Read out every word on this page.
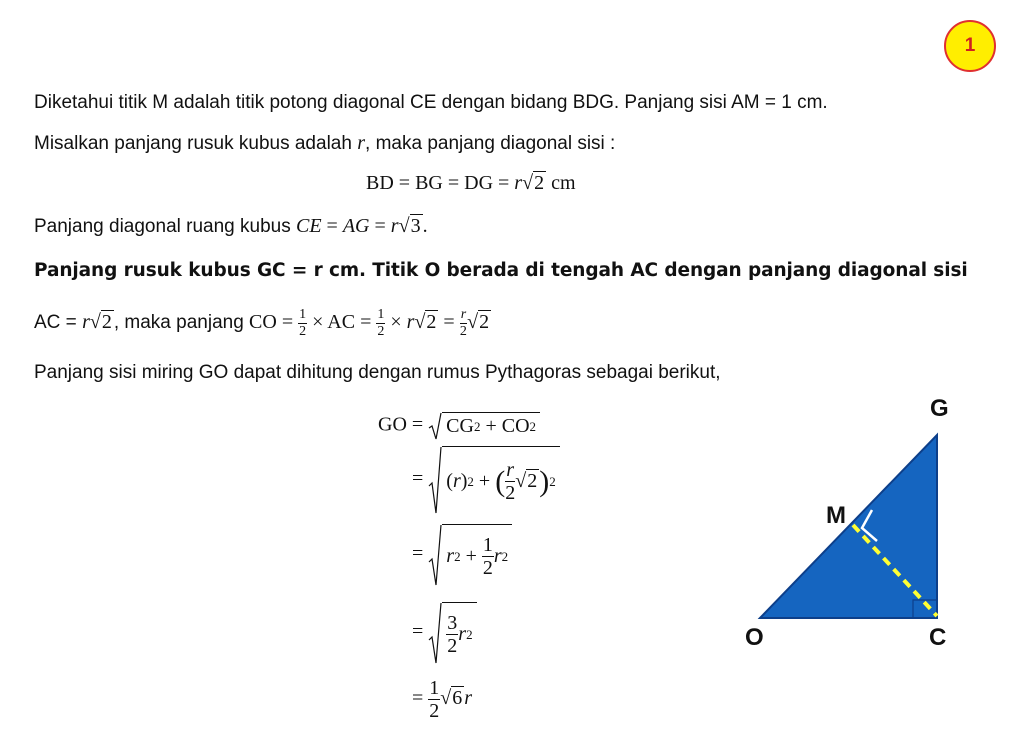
1
Diketahui titik M adalah titik potong diagonal CE dengan bidang BDG. Panjang sisi AM = 1 cm.
Misalkan panjang rusuk kubus adalah r, maka panjang diagonal sisi :
BD = BG = DG = r√2 cm
Panjang diagonal ruang kubus CE = AG = r√3 .
Panjang rusuk kubus GC = r cm. Titik O berada di tengah AC dengan panjang diagonal sisi
AC = r√2 , maka panjang CO = $\frac{1}{2}$ × AC = $\frac{1}{2} \times r√2 = \frac{r}{2} √2$
Panjang sisi miring GO dapat dihitung dengan rumus Pythagoras sebagai berikut,
GO = CG 2 + CO 2
= ( r ) 2 + ( $\frac{r}{2} √2$ ) 2
= r $2 + \frac{1}{2}$ r 2
= $\frac{3}{2}$ r 2
= $\frac{1}{2} √6$ r
G
M
O	C
